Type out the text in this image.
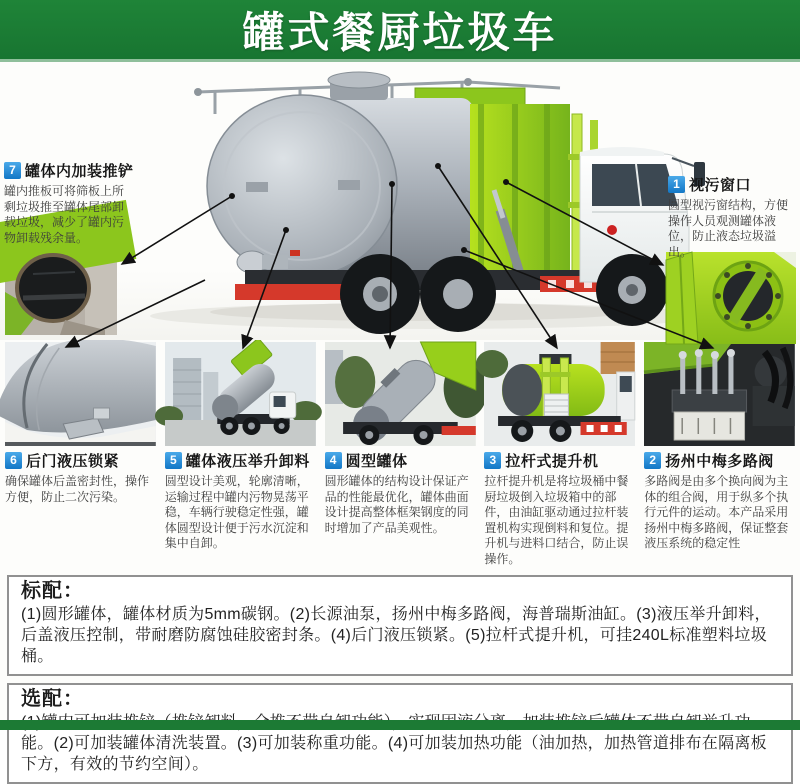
罐式餐厨垃圾车
7 罐体内加装推铲
罐内推板可将筛板上所剩垃圾推至罐体尾部卸载垃圾，减少了罐内污物卸载残余量。
1 视污窗口
圆型视污窗结构，方便操作人员观测罐体液位，防止液态垃圾溢出。
6 后门液压锁紧
确保罐体后盖密封性，操作方便，防止二次污染。
5 罐体液压举升卸料
圆型设计美观，轮廓清晰，运输过程中罐内污物晃荡平稳，车辆行驶稳定性强，罐体圆型设计便于污水沉淀和集中自卸。
4 圆型罐体
圆形罐体的结构设计保证产品的性能最优化，罐体曲面设计提高整体框架钢度的同时增加了产品美观性。
3 拉杆式提升机
拉杆提升机是将垃圾桶中餐厨垃圾倒入垃圾箱中的部件，由油缸驱动通过拉杆装置机构实现倒料和复位。提升机与进料口结合，防止误操作。
2 扬州中梅多路阀
多路阀是由多个换向阀为主体的组合阀，用于纵多个执行元件的运动。本产品采用扬州中梅多路阀，保证整套液压系统的稳定性
标配：
(1)圆形罐体，罐体材质为5mm碳钢。(2)长源油泵，扬州中梅多路阀，海普瑞斯油缸。(3)液压举升卸料，后盖液压控制，带耐磨防腐蚀硅胶密封条。(4)后门液压锁紧。(5)拉杆式提升机，可挂240L标准塑料垃圾桶。
选配：
能。(2)可加装罐体清洗装置。(3)可加装称重功能。(4)可加装加热功能（油加热，加热管道排布在隔离板下方，有效的节约空间）。
